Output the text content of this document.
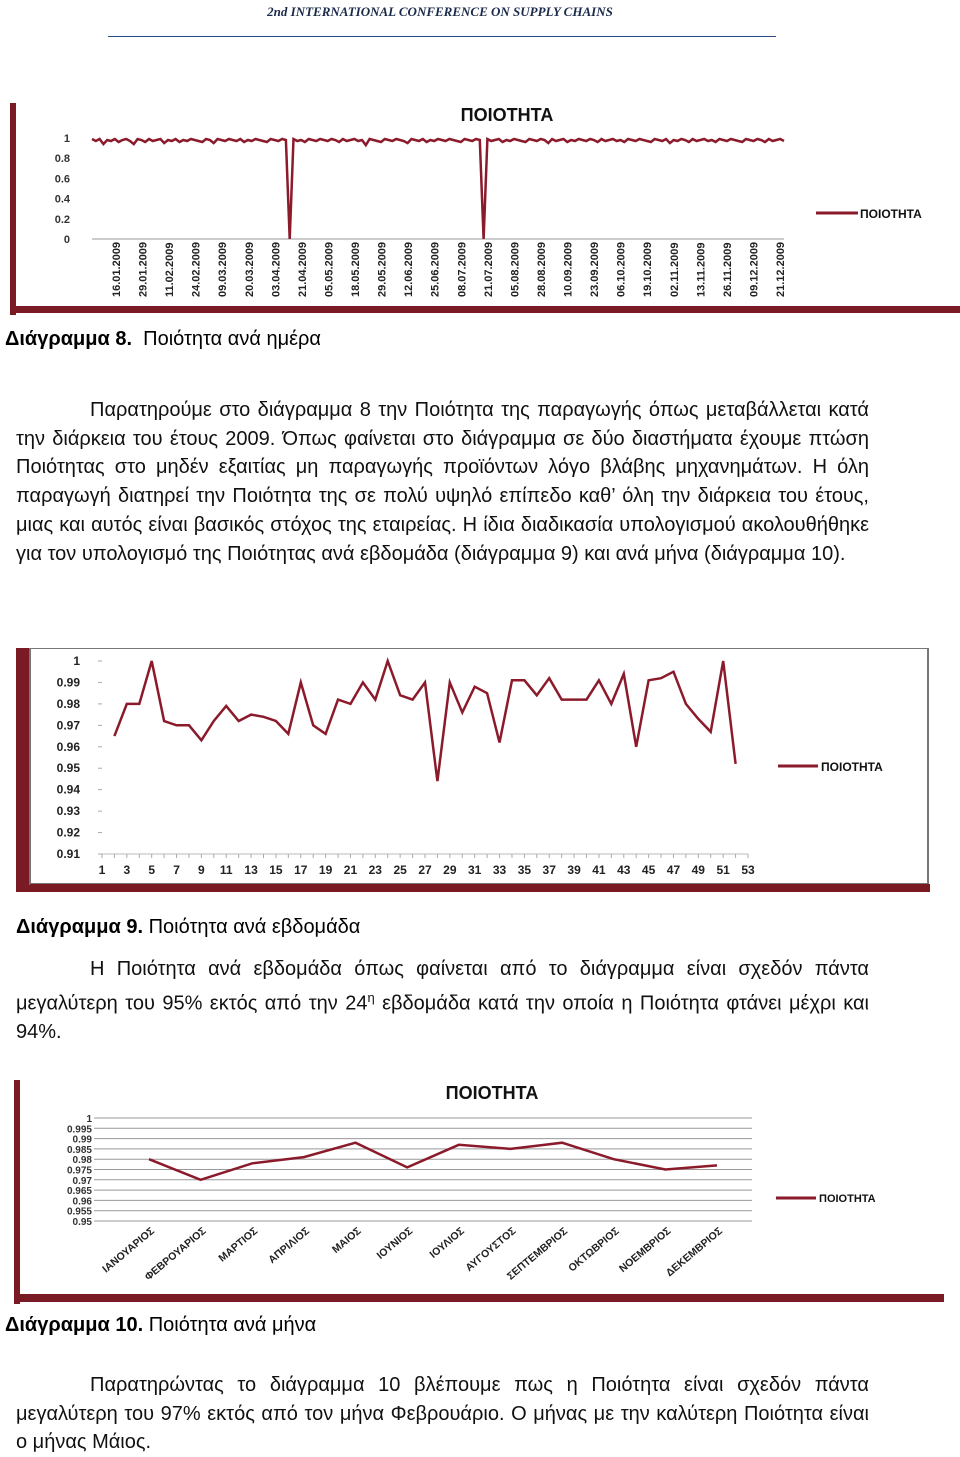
2nd INTERNATIONAL CONFERENCE ON SUPPLY CHAINS
ΠΟΙΟΤΗΤΑ
0
0.2
0.4
0.6
0.8
1
16.01.2009 29.01.2009 11.02.2009 24.02.2009 09.03.2009 20.03.2009 03.04.2009 21.04.2009 05.05.2009 18.05.2009 29.05.2009 12.06.2009 25.06.2009 08.07.2009 21.07.2009 05.08.2009 28.08.2009 10.09.2009 23.09.2009 06.10.2009 19.10.2009 02.11.2009 13.11.2009 26.11.2009 09.12.2009 21.12.2009
ΠΟΙΟΤΗΤΑ
Διάγραμμα 8. Ποιότητα ανά ημέρα
Παρατηρούμε στο διάγραμμα 8 την Ποιότητα της παραγωγής όπως μεταβάλλεται κατά την διάρκεια του έτους 2009. Όπως φαίνεται στο διάγραμμα σε δύο διαστήματα έχουμε πτώση Ποιότητας στο μηδέν εξαιτίας μη παραγωγής προϊόντων λόγο βλάβης μηχανημάτων. Η όλη παραγωγή διατηρεί την Ποιότητα της σε πολύ υψηλό επίπεδο καθ’ όλη την διάρκεια του έτους, μιας και αυτός είναι βασικός στόχος της εταιρείας. Η ίδια διαδικασία υπολογισμού ακολουθήθηκε για τον υπολογισμό της Ποιότητας ανά εβδομάδα (διάγραμμα 9) και ανά μήνα (διάγραμμα 10).
0.91
0.92
0.93
0.94
0.95
0.96
0.97
0.98
0.99
1
1 3 5 7 9 11 13 15 17 19 21 23 25 27 29 31 33 35 37 39 41 43 45 47 49 51 53
ΠΟΙΟΤΗΤΑ
Διάγραμμα 9. Ποιότητα ανά εβδομάδα
Η Ποιότητα ανά εβδομάδα όπως φαίνεται από το διάγραμμα είναι σχεδόν πάντα μεγαλύτερη του 95% εκτός από την $24^\eta$ εβδομάδα κατά την οποία η Ποιότητα φτάνει μέχρι και 94%.
ΠΟΙΟΤΗΤΑ
0.95
0.955
0.96
0.965
0.97
0.975
0.98
0.985
0.99
0.995
1
ΙΑΝΟΥΑΡΙΟΣ
ΦΕΒΡΟΥΑΡΙΟΣ ΜΑΡΤΙΟΣ ΑΠΡΙΛΙΟΣ ΜΑΙΟΣ ΙΟΥΝΙΟΣ ΙΟΥΛΙΟΣ
ΑΥΓΟΥΣΤΟΣ
ΣΕΠΤΕΜΒΡΙΟΣ
ΟΚΤΩΒΡΙΟΣ
ΝΟΕΜΒΡΙΟΣ
ΔΕΚΕΜΒΡΙΟΣ
ΠΟΙΟΤΗΤΑ
Διάγραμμα 10. Ποιότητα ανά μήνα
Παρατηρώντας το διάγραμμα 10 βλέπουμε πως η Ποιότητα είναι σχεδόν πάντα μεγαλύτερη του 97% εκτός από τον μήνα Φεβρουάριο. Ο μήνας με την καλύτερη Ποιότητα είναι ο μήνας Μάιος.
